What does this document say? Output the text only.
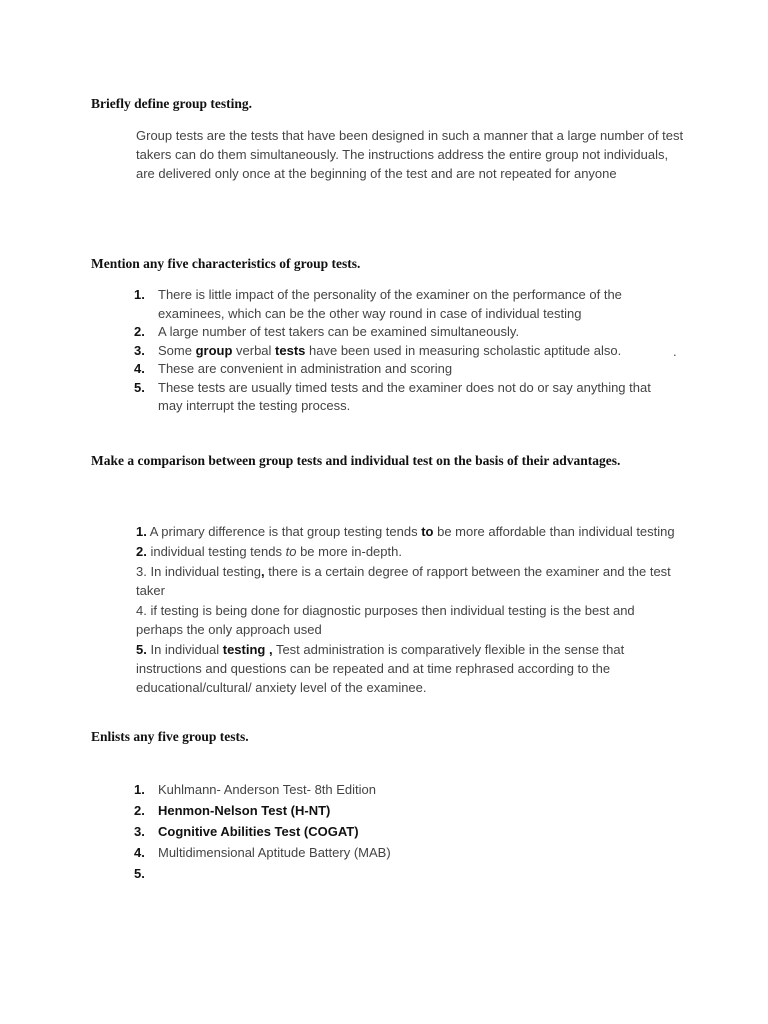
Briefly define group testing.

Group tests are the tests that have been designed in such a manner that a large number of test takers can do them simultaneously. The instructions address the entire group not individuals, are delivered only once at the beginning of the test and are not repeated for anyone

Mention any five characteristics of group tests.
1. There is little impact of the personality of the examiner on the performance of the examinees, which can be the other way round in case of individual testing
2. A large number of test takers can be examined simultaneously.
3. Some group verbal tests have been used in measuring scholastic aptitude also.
4. These are convenient in administration and scoring
5. These tests are usually timed tests and the examiner does not do or say anything that may interrupt the testing process.
.
Make a comparison between group tests and individual test on the basis of their advantages.

1. A primary difference is that group testing tends to be more affordable than individual testing

2. individual testing tends to be more in-depth.

3. In individual testing, there is a certain degree of rapport between the examiner and the test taker

4. if testing is being done for diagnostic purposes then individual testing is the best and perhaps the only approach used

5. In individual testing , Test administration is comparatively flexible in the sense that instructions and questions can be repeated and at time rephrased according to the educational/cultural/ anxiety level of the examinee.

Enlists any five group tests.
1. Kuhlmann- Anderson Test- 8th Edition
2. Henmon-Nelson Test (H-NT)
3. Cognitive Abilities Test (COGAT)
4. Multidimensional Aptitude Battery (MAB)
5.
